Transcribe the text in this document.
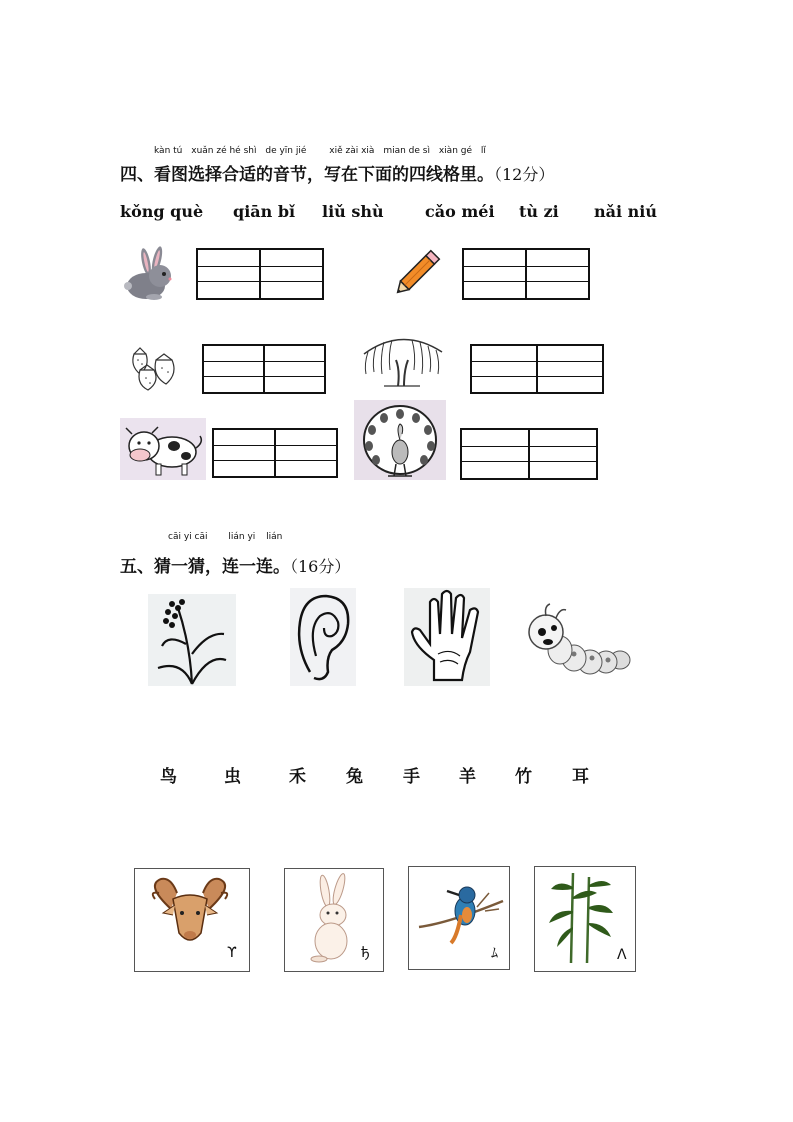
kàn tú xuǎn zé hé shì de yīn jié	xiě zài xià mian de sì xiàn gé lǐ
四、看图选择合适的音节，写在下面的四线格里。（12分）
kǒng què qiān bǐ liǔ shù	cǎo méi tù zi nǎi niú
cāi yi cāi lián yi lián
五、猜一猜，连一连。（16分）
鸟	虫	禾 兔 手 羊 竹 耳
ϒ	ђ	ﾑ	ᐱ
